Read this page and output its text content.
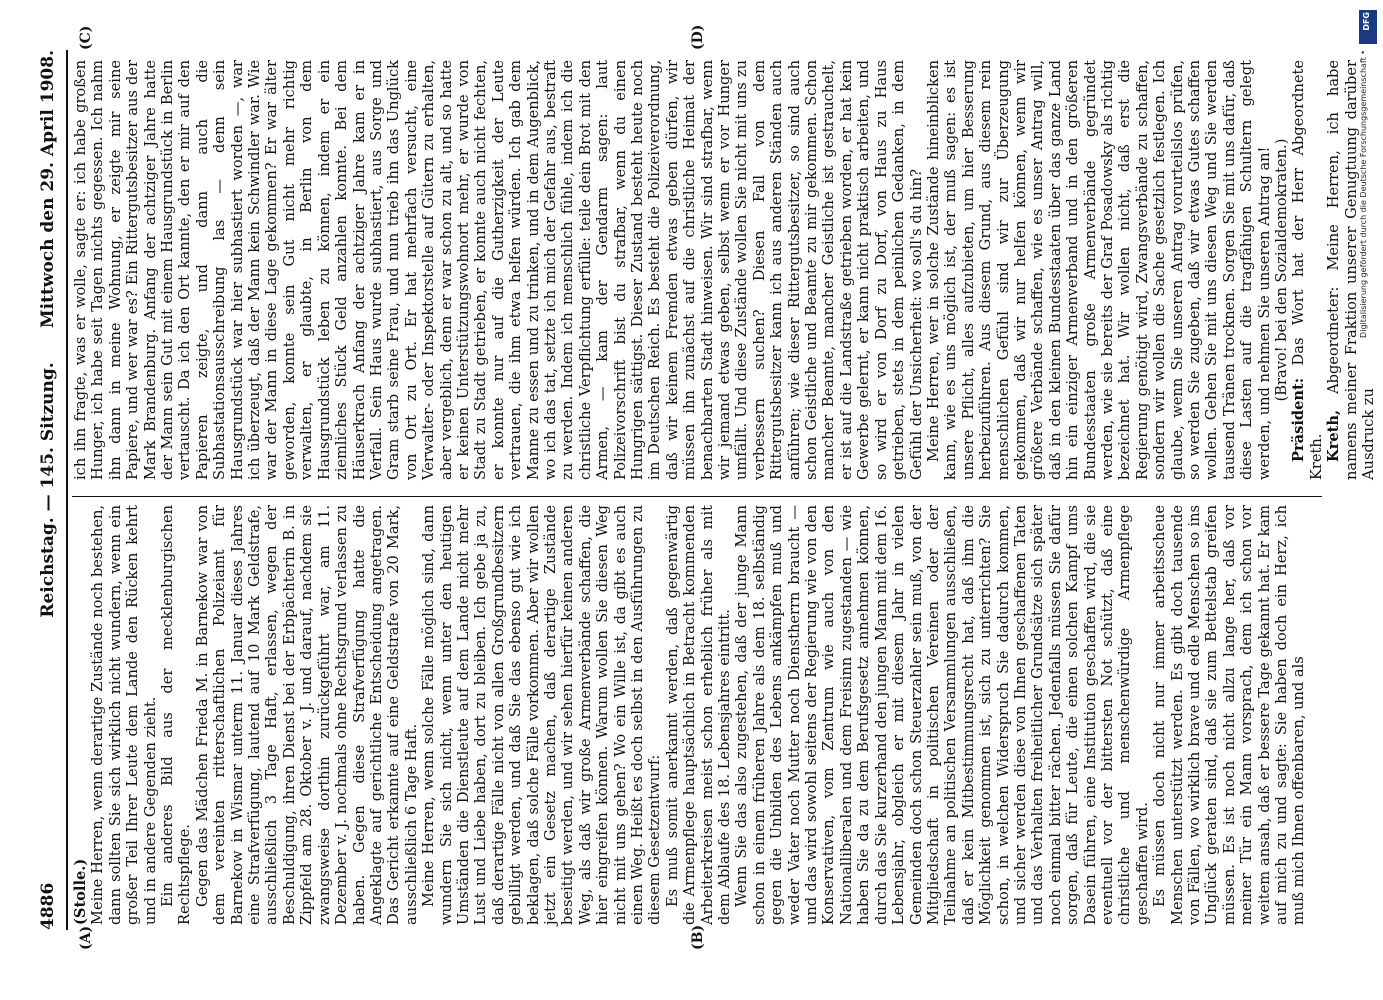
4886
Reichstag. — 145. Sitzung.
Mittwoch den 29. April 1908.
(A)	(B)
(C)	(D)

(Stolle.) Meine Herren, wenn derartige Zustände noch bestehen, dann sollten Sie sich wirklich nicht wundern, wenn ein großer Teil Ihrer Leute dem Lande den Rücken kehrt und in andere Gegenden zieht. Ein anderes Bild aus der mecklenburgischen Rechtspflege. Gegen das Mädchen Frieda M. in Barnekow war von dem vereinten ritterschaftlichen Polizeiamt für Barnekow in Wismar unterm 11. Januar dieses Jahres eine Strafverfügung, lautend auf 10 Mark Geldstrafe, ausschließlich 3 Tage Haft, erlassen, wegen der Beschuldigung, ihren Dienst bei der Erbpächterin B. in Zippfeld am 28. Oktober v. J. und darauf, nachdem sie zwangsweise dorthin zurückgeführt war, am 11. Dezember v. J. nochmals ohne Rechtsgrund verlassen zu haben. Gegen diese Strafverfügung hatte die Angeklagte auf gerichtliche Entscheidung angetragen. Das Gericht erkannte auf eine Geldstrafe von 20 Mark, ausschließlich 6 Tage Haft. Meine Herren, wenn solche Fälle möglich sind, dann wundern Sie sich nicht, wenn unter den heutigen Umständen die Dienstleute auf dem Lande nicht mehr Lust und Liebe haben, dort zu bleiben. Ich gebe ja zu, daß derartige Fälle nicht von allen Großgrundbesitzern gebilligt werden, und daß Sie das ebenso gut wie ich beklagen, daß solche Fälle vorkommen. Aber wir wollen jetzt ein Gesetz machen, daß derartige Zustände beseitigt werden, und wir sehen hierfür keinen anderen Weg, als daß wir große Armenverbände schaffen, die hier eingreifen können. Warum wollen Sie diesen Weg nicht mit uns gehen? Wo ein Wille ist, da gibt es auch einen Weg. Heißt es doch selbst in den Ausführungen zu diesem Gesetzentwurf: Es muß somit anerkannt werden, daß gegenwärtig die Armenpflege hauptsächlich in Betracht kommenden Arbeiterkreisen meist schon erheblich früher als mit dem Ablaufe des 18. Lebensjahres eintritt. Wenn Sie das also zugestehen, daß der junge Mann schon in einem früheren Jahre als dem 18. selbständig gegen die Unbilden des Lebens ankämpfen muß und weder Vater noch Mutter noch Dienstherrn braucht — und das wird sowohl seitens der Regierung wie von den Konservativen, vom Zentrum wie auch von den Nationalliberalen und dem Freisinn zugestanden — wie haben Sie da zu dem Berufsgesetz annehmen können, durch das Sie kurzerhand den jungen Mann mit dem 16. Lebensjahr, obgleich er mit diesem Jahr in vielen Gemeinden doch schon Steuerzahler sein muß, von der Mitgliedschaft in politischen Vereinen oder der Teilnahme an politischen Versammlungen ausschließen, daß er kein Mitbestimmungsrecht hat, daß ihm die Möglichkeit genommen ist, sich zu unterrichten? Sie schon, in welchen Widerspruch Sie dadurch kommen, und sicher werden diese von Ihnen geschaffenen Taten und das Verhalten freiheitlicher Grundsätze sich später noch einmal bitter rächen. Jedenfalls müssen Sie dafür sorgen, daß für Leute, die einen solchen Kampf ums Dasein führen, eine Institution geschaffen wird, die sie eventuell vor der bittersten Not schützt, daß eine christliche und menschenwürdige Armenpflege geschaffen wird. Es müssen doch nicht nur immer arbeitsscheue Menschen unterstützt werden. Es gibt doch tausende von Fällen, wo wirklich brave und edle Menschen so ins Unglück geraten sind, daß sie zum Bettelstab greifen müssen. Es ist noch nicht allzu lange her, daß vor meiner Tür ein Mann vorsprach, dem ich schon vor weitem ansah, daß er bessere Tage gekannt hat. Er kam auf mich zu und sagte: Sie haben doch ein Herz, ich muß mich Ihnen offenbaren, und als

ich ihn fragte, was er wolle, sagte er: ich habe großen Hunger, ich habe seit Tagen nichts gegessen. Ich nahm ihn dann in meine Wohnung, er zeigte mir seine Papiere, und wer war es? Ein Rittergutsbesitzer aus der Mark Brandenburg. Anfang der achtziger Jahre hatte der Mann sein Gut mit einem Hausgrundstück in Berlin vertauscht. Da ich den Ort kannte, den er mir auf den Papieren zeigte, und dann auch die Subhastationsausschreibung las — denn sein Hausgrundstück war hier subhastiert worden —, war ich überzeugt, daß der Mann kein Schwindler war. Wie war der Mann in diese Lage gekommen? Er war älter geworden, konnte sein Gut nicht mehr richtig verwalten, er glaubte, in Berlin von dem Hausgrundstück leben zu können, indem er ein ziemliches Stück Geld anzahlen konnte. Bei dem Häuserkrach Anfang der achtziger Jahre kam er in Verfall. Sein Haus wurde subhastiert, aus Sorge und Gram starb seine Frau, und nun trieb ihn das Unglück von Ort zu Ort. Er hat mehrfach versucht, eine Verwalter- oder Inspektorstelle auf Gütern zu erhalten, aber vergeblich, denn er war schon zu alt, und so hatte er keinen Unterstützungswohnort mehr, er wurde von Stadt zu Stadt getrieben, er konnte auch nicht fechten, er konnte nur auf die Gutherzigkeit der Leute vertrauen, die ihm etwa helfen würden. Ich gab dem Manne zu essen und zu trinken, und in dem Augenblick, wo ich das tat, setzte ich mich der Gefahr aus, bestraft zu werden. Indem ich menschlich fühle, indem ich die christliche Verpflichtung erfülle: teile dein Brot mit den Armen, — kam der Gendarm sagen: laut Polizeivorschrift bist du strafbar, wenn du einen Hungrigen sättigst. Dieser Zustand besteht heute noch im Deutschen Reich. Es besteht die Polizeiverordnung, daß wir keinem Fremden etwas geben dürfen, wir müssen ihn zunächst auf die christliche Heimat der benachbarten Stadt hinweisen. Wir sind strafbar, wenn wir jemand etwas geben, selbst wenn er vor Hunger umfällt. Und diese Zustände wollen Sie nicht mit uns zu verbessern suchen? Diesen Fall von dem Rittergutsbesitzer kann ich aus anderen Ständen auch anführen; wie dieser Rittergutsbesitzer, so sind auch schon Geistliche und Beamte zu mir gekommen. Schon mancher Beamte, mancher Geistliche ist gestrauchelt, er ist auf die Landstraße getrieben worden, er hat kein Gewerbe gelernt, er kann nicht praktisch arbeiten, und so wird er von Dorf zu Dorf, von Haus zu Haus getrieben, stets in dem peinlichen Gedanken, in dem Gefühl der Unsicherheit: wo soll's du hin? Meine Herren, wer in solche Zustände hineinblicken kann, wie es uns möglich ist, der muß sagen: es ist unsere Pflicht, alles aufzubieten, um hier Besserung herbeizuführen. Aus diesem Grund, aus diesem rein menschlichen Gefühl sind wir zur Überzeugung gekommen, daß wir nur helfen können, wenn wir größere Verbände schaffen, wie es unser Antrag will, daß in den kleinen Bundesstaaten über das ganze Land hin ein einziger Armenverband und in den größeren Bundesstaaten große Armenverbände gegründet werden, wie sie bereits der Graf Posadowsky als richtig bezeichnet hat. Wir wollen nicht, daß erst die Regierung genötigt wird, Zwangsverbände zu schaffen, sondern wir wollen die Sache gesetzlich festlegen. Ich glaube, wenn Sie unseren Antrag vorurteilslos prüfen, so werden Sie zugeben, daß wir etwas Gutes schaffen wollen. Gehen Sie mit uns diesen Weg und Sie werden tausend Tränen trocknen. Sorgen Sie mit uns dafür, daß diese Lasten auf die tragfähigen Schultern gelegt werden, und nehmen Sie unseren Antrag an! (Bravo! bei den Sozialdemokraten.)

Präsident: Das Wort hat der Herr Abgeordnete Kreth. Kreth, Abgeordneter: Meine Herren, ich habe namens meiner Fraktion unserer Genugtuung darüber Ausdruck zu

DFG
Digitalisierung gefördert durch die Deutsche Forschungsgemeinschaft •
